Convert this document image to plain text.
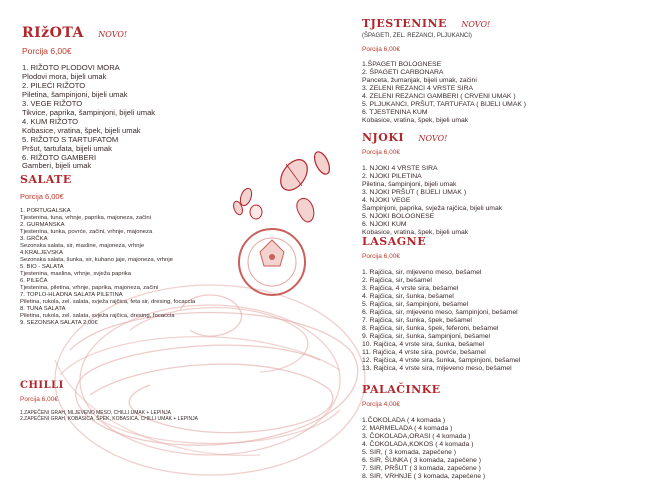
RIžOTA NOVO!
Porcija 6,00€
1. RIŽOTO PLODOVI MORA
Plodovi mora, bijeli umak
2. PILEĆI RIŽOTO
Piletina, šampinjoni, bijeli umak
3. VEGE RIŽOTO
Tikvice, paprika, šampinjoni, bijeli umak
4. KUM RIŽOTO
Kobasice, vratina, špek, bijeli umak
5. RIŽOTO S TARTUFATOM
Pršut, tartufata, bijeli umak
6. RIŽOTO GAMBERI
Gamberi, bijeli umak
SALATE
Porcija 6,00€
1. PORTUGALSKA
Tjestenina, tuna, vrhnje, paprika, majoneza, začini
2. GURMANSKA
Tjestenina, tunka, povrće, začini, vrhnje, majoneza
3. GRČKA
Sezonska salata, sir, masline, majoneza, vrhnje
4.KRALJEVSKA
Sezonska salata, šunka, sir, kuhano jaje, majoneza, vrhnje
5. BIO - SALATA
Tjestenina, maslina, vrhnje, svježa paprika
6. PILEĆA
Tjestenina, piletina, vrhnje, paprika, majoneza, začini
7. TOPLO-HLADNA SALATA PILETINA
Piletina, rukola, zel. salata, svježa rajčica, feta sir, dresing, focaccia
8. TUNA SALATA
Piletina, rukola, zel. salata, svježa rajčica, dresing, focaccia
9. SEZONSKA SALATA 2,00€
CHILLI
Porcija 6,00€
1.ZAPEČENI GRAH, MLJEVENO MESO, CHILLI UMAK + LEPINJA
2.ZAPEČENI GRAH, KOBASICA, ŠPEK, KOBASICA, CHILLI UMAK + LEPINJA
TJESTENINE NOVO!
(ŠPAGETI, ZEL. REZANCI, PLJUKANCI)
Porcija 6,00€
1.ŠPAGETI BOLOGNESE
2. ŠPAGETI CARBONARA
Panceta, žumanjak, bijeli umak, začini
3. ZELENI REZANCI 4 VRSTE SIRA
4. ZELENI REZANCI GAMBERI ( CRVENI UMAK )
5. PLJUKANCI, PRŠUT, TARTUFATA ( BIJELI UMAK )
6. TJESTENINA KUM
Kobasice, vratina, špek, bijeli umak
NJOKI NOVO!
Porcija 6,00€
1. NJOKI 4 VRSTE SIRA
2. NJOKI PILETINA
Piletina, šampinjoni, bijeli umak
3. NJOKI PRŠUT ( BIJELI UMAK )
4. NJOKI VEGE
Šampinjoni, paprika, svježa rajčica, bijeli umak
5. NJOKI BOLOGNESE
6. NJOKI KUM
Kobasice, vratina, špek, bijeli umak
LASAGNE
Porcija 6,00€
1. Rajčica, sir, mljeveno meso, bešamel
2. Rajčica, sir, bešamel
3. Rajčica, 4 vrste sira, bešamel
4. Rajčica, sir, šunka, bešamel
5. Rajčica, sir, šampinjoni, bešamel
6. Rajčica, sir, mljeveno meso, šampinjoni, bešamel
7. Rajčica, sir, šunka, špek, bešamel
8. Rajčica, sir, šunka, špek, feferoni, bešamel
9. Rajčica, sir, šunka, šampinjoni, bešamel
10. Rajčica, 4 vrste sira, šunka, bešamel
11. Rajčica, 4 vrste sira, povrće, bešamel
12. Rajčica, 4 vrste sira, šunka, šampinjoni, bešamel
13. Rajčica, 4 vrste sira, mljeveno meso, bešamel
PALAČINKE
Porcija 4,00€
1.ČOKOLADA ( 4 komada )
2. MARMELADA ( 4 komada )
3. ČOKOLADA,ORASI ( 4 komada )
4. ČOKOLADA,KOKOS ( 4 komada )
5. SIR, ( 3 komada, zapečene )
6. SIR, ŠUNKA ( 3 komada, zapečene )
7. SIR, PRŠUT ( 3 komada, zapečene )
8. SIR, VRHNJE ( 3 komada, zapečene )
